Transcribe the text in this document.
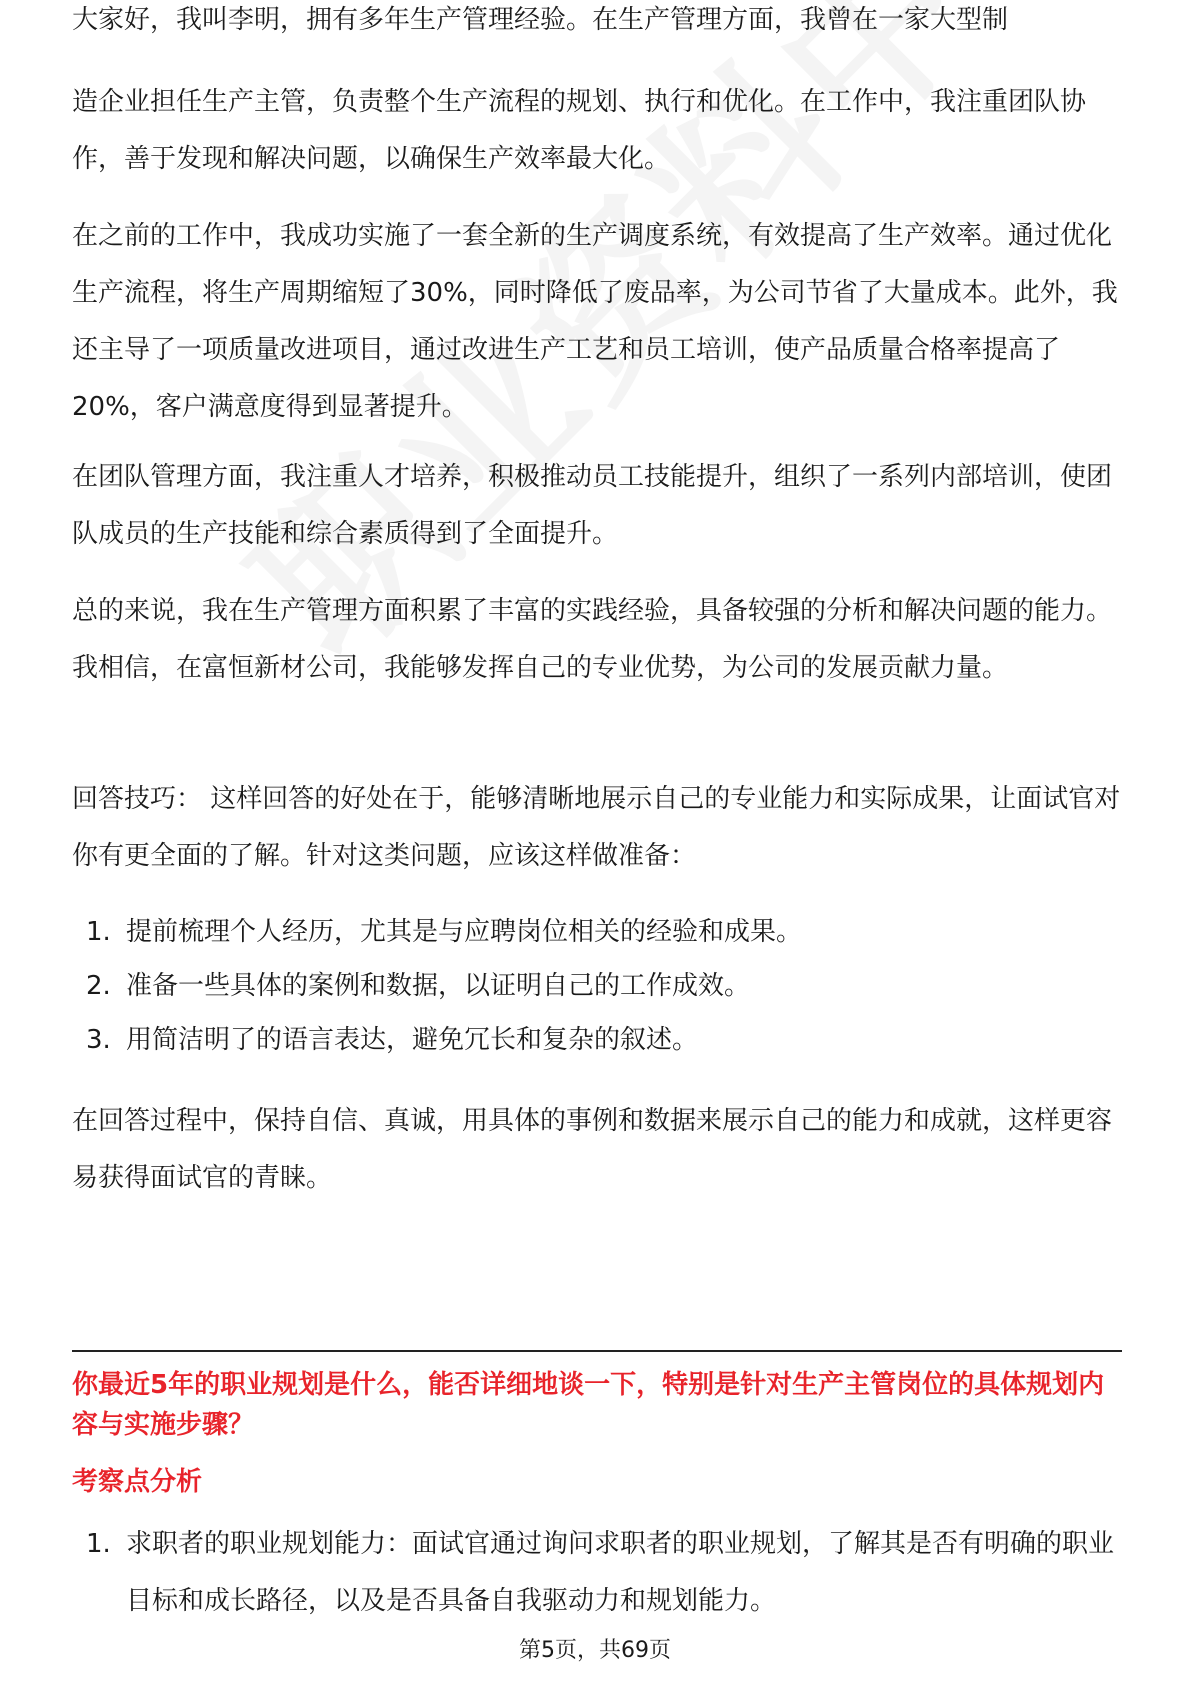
大家好，我叫李明，拥有多年生产管理经验。在生产管理方面，我曾在一家大型制

造企业担任生产主管，负责整个生产流程的规划、执行和优化。在工作中，我注重团队协作，善于发现和解决问题，以确保生产效率最大化。

在之前的工作中，我成功实施了一套全新的生产调度系统，有效提高了生产效率。通过优化生产流程，将生产周期缩短了30%，同时降低了废品率，为公司节省了大量成本。此外，我还主导了一项质量改进项目，通过改进生产工艺和员工培训，使产品质量合格率提高了20%，客户满意度得到显著提升。

在团队管理方面，我注重人才培养，积极推动员工技能提升，组织了一系列内部培训，使团队成员的生产技能和综合素质得到了全面提升。

总的来说，我在生产管理方面积累了丰富的实践经验，具备较强的分析和解决问题的能力。我相信，在富恒新材公司，我能够发挥自己的专业优势，为公司的发展贡献力量。

回答技巧： 这样回答的好处在于，能够清晰地展示自己的专业能力和实际成果，让面试官对你有更全面的了解。针对这类问题，应该这样做准备：

1. 提前梳理个人经历，尤其是与应聘岗位相关的经验和成果。
2. 准备一些具体的案例和数据，以证明自己的工作成效。
3. 用简洁明了的语言表达，避免冗长和复杂的叙述。

在回答过程中，保持自信、真诚，用具体的事例和数据来展示自己的能力和成就，这样更容易获得面试官的青睐。

你最近5年的职业规划是什么，能否详细地谈一下，特别是针对生产主管岗位的具体规划内容与实施步骤？
考察点分析
1. 求职者的职业规划能力：面试官通过询问求职者的职业规划，了解其是否有明确的职业目标和成长路径，以及是否具备自我驱动力和规划能力。
第5页，共69页
